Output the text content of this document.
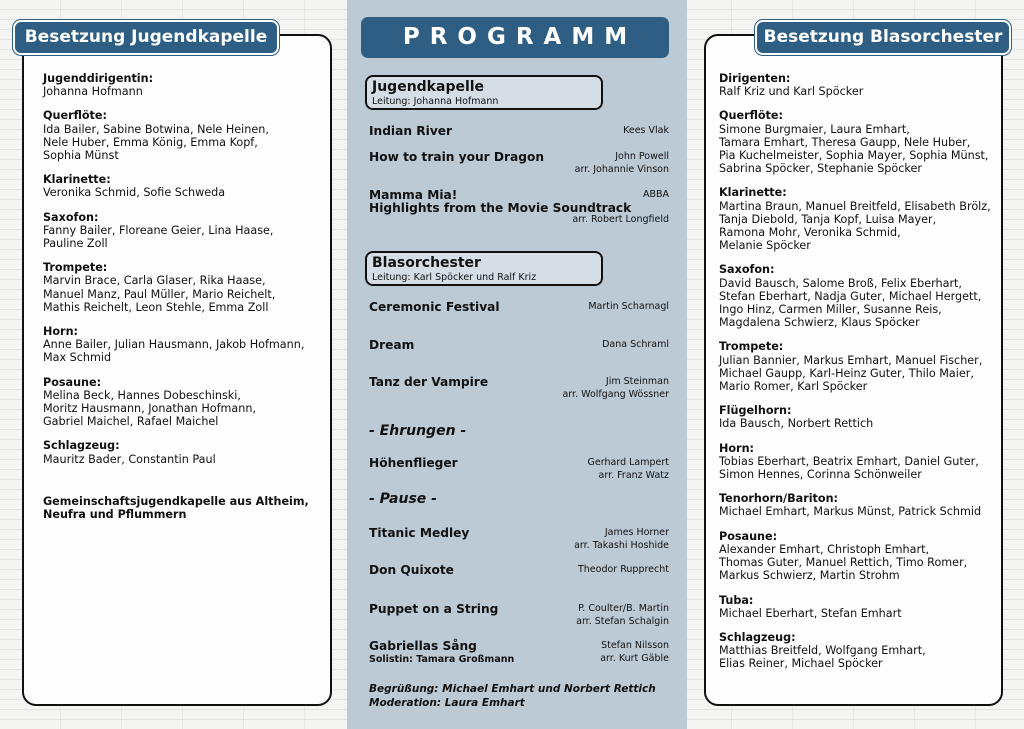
Jugenddirigentin:
Johanna Hofmann
Querflöte:
Ida Bailer, Sabine Botwina, Nele Heinen,
Nele Huber, Emma König, Emma Kopf,
Sophia Münst
Klarinette:
Veronika Schmid, Sofie Schweda
Saxofon:
Fanny Bailer, Floreane Geier, Lina Haase,
Pauline Zoll
Trompete:
Marvin Brace, Carla Glaser, Rika Haase,
Manuel Manz, Paul Müller, Mario Reichelt,
Mathis Reichelt, Leon Stehle, Emma Zoll
Horn:
Anne Bailer, Julian Hausmann, Jakob Hofmann,
Max Schmid
Posaune:
Melina Beck, Hannes Dobeschinski,
Moritz Hausmann, Jonathan Hofmann,
Gabriel Maichel, Rafael Maichel
Schlagzeug:
Mauritz Bader, Constantin Paul
Gemeinschaftsjugendkapelle aus Altheim,
Neufra und Pflummern
Besetzung Jugendkapelle	PROGRAMM
Jugendkapelle
Leitung: Johanna Hofmann
Indian River	Kees Vlak
How to train your Dragon	John Powell
arr. Johannie Vinson
Mamma Mia!
Highlights from the Movie Soundtrack
ABBA

arr. Robert Longfield
Blasorchester
Leitung: Karl Spöcker und Ralf Kriz
Ceremonic Festival	Martin Scharnagl
Dream	Dana Schraml
Tanz der Vampire	Jim Steinman
arr. Wolfgang Wössner
- Ehrungen -
Höhenflieger	Gerhard Lampert
arr. Franz Watz
- Pause -
Titanic Medley	James Horner
arr. Takashi Hoshide
Don Quixote	Theodor Rupprecht
Puppet on a String	P. Coulter/B. Martin
arr. Stefan Schalgin
Gabriellas Sång
Solistin: Tamara Großmann
Stefan Nilsson
arr. Kurt Gäble
Begrüßung: Michael Emhart und Norbert Rettich
Moderation: Laura Emhart
Dirigenten:
Ralf Kriz und Karl Spöcker
Querflöte:
Simone Burgmaier, Laura Emhart,
Tamara Emhart, Theresa Gaupp, Nele Huber,
Pia Kuchelmeister, Sophia Mayer, Sophia Münst,
Sabrina Spöcker, Stephanie Spöcker
Klarinette:
Martina Braun, Manuel Breitfeld, Elisabeth Brölz,
Tanja Diebold, Tanja Kopf, Luisa Mayer,
Ramona Mohr, Veronika Schmid,
Melanie Spöcker
Saxofon:
David Bausch, Salome Broß, Felix Eberhart,
Stefan Eberhart, Nadja Guter, Michael Hergett,
Ingo Hinz, Carmen Miller, Susanne Reis,
Magdalena Schwierz, Klaus Spöcker
Trompete:
Julian Bannier, Markus Emhart, Manuel Fischer,
Michael Gaupp, Karl-Heinz Guter, Thilo Maier,
Mario Romer, Karl Spöcker
Flügelhorn:
Ida Bausch, Norbert Rettich
Horn:
Tobias Eberhart, Beatrix Emhart, Daniel Guter,
Simon Hennes, Corinna Schönweiler
Tenorhorn/Bariton:
Michael Emhart, Markus Münst, Patrick Schmid
Posaune:
Alexander Emhart, Christoph Emhart,
Thomas Guter, Manuel Rettich, Timo Romer,
Markus Schwierz, Martin Strohm
Tuba:
Michael Eberhart, Stefan Emhart
Schlagzeug:
Matthias Breitfeld, Wolfgang Emhart,
Elias Reiner, Michael Spöcker
Besetzung Blasorchester
